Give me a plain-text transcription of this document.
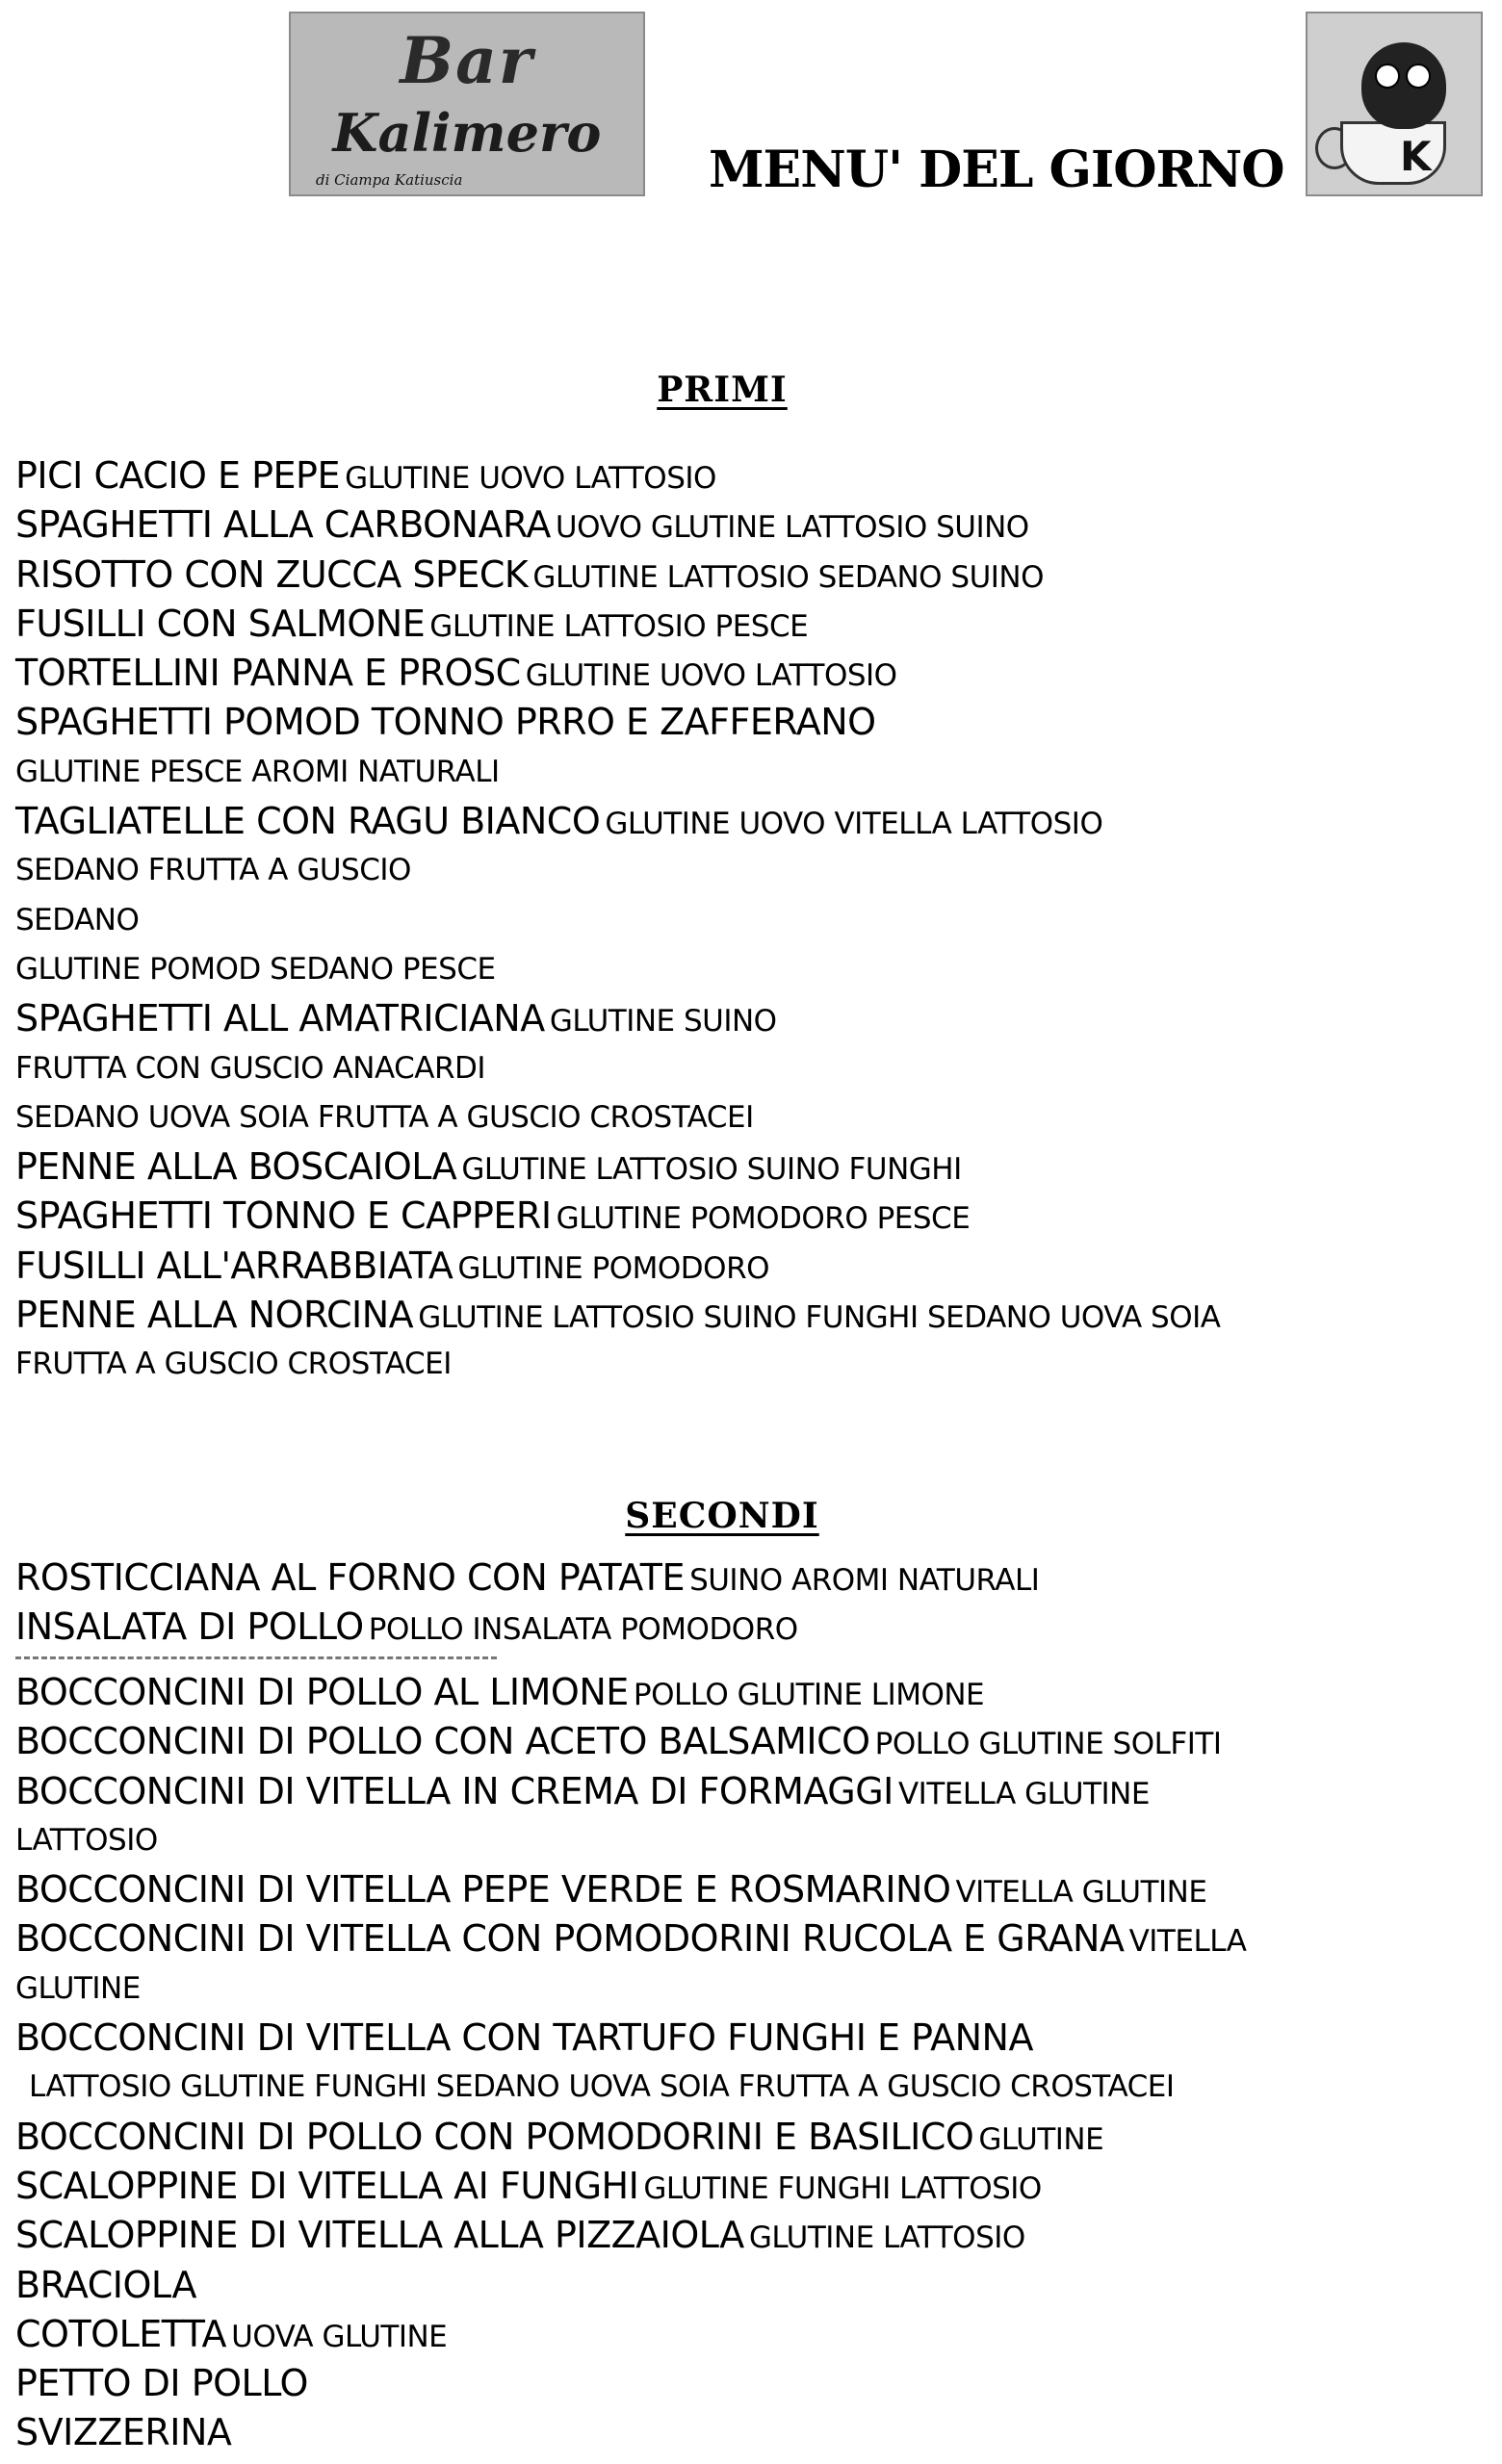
Bar
Kalimero
di Ciampa Katiuscia	MENU' DEL GIORNO	K
PRIMI
PICI CACIO E PEPE GLUTINE UOVO LATTOSIO
SPAGHETTI ALLA CARBONARA UOVO GLUTINE LATTOSIO SUINO
RISOTTO CON ZUCCA SPECK GLUTINE LATTOSIO SEDANO SUINO
FUSILLI CON SALMONE GLUTINE LATTOSIO PESCE
TORTELLINI PANNA E PROSC GLUTINE UOVO LATTOSIO
SPAGHETTI POMOD TONNO PRRO E ZAFFERANO
GLUTINE PESCE AROMI NATURALI
TAGLIATELLE CON RAGU BIANCO GLUTINE UOVO VITELLA LATTOSIO
SEDANO FRUTTA A GUSCIO
SEDANO
GLUTINE POMOD SEDANO PESCE
SPAGHETTI ALL AMATRICIANA GLUTINE SUINO
FRUTTA CON GUSCIO ANACARDI
SEDANO UOVA SOIA FRUTTA A GUSCIO CROSTACEI
PENNE ALLA BOSCAIOLA GLUTINE LATTOSIO SUINO FUNGHI
SPAGHETTI TONNO E CAPPERI GLUTINE POMODORO PESCE
FUSILLI ALL'ARRABBIATA GLUTINE POMODORO
PENNE ALLA NORCINA GLUTINE LATTOSIO SUINO FUNGHI SEDANO UOVA SOIA
FRUTTA A GUSCIO CROSTACEI
SECONDI
ROSTICCIANA AL FORNO CON PATATE SUINO AROMI NATURALI
INSALATA DI POLLO POLLO INSALATA POMODORO
BOCCONCINI DI POLLO AL LIMONE POLLO GLUTINE LIMONE
BOCCONCINI DI POLLO CON ACETO BALSAMICO POLLO GLUTINE SOLFITI
BOCCONCINI DI VITELLA IN CREMA DI FORMAGGI VITELLA GLUTINE
LATTOSIO
BOCCONCINI DI VITELLA PEPE VERDE E ROSMARINO VITELLA GLUTINE
BOCCONCINI DI VITELLA CON POMODORINI RUCOLA E GRANA VITELLA
GLUTINE
BOCCONCINI DI VITELLA CON TARTUFO FUNGHI E PANNA
LATTOSIO GLUTINE FUNGHI SEDANO UOVA SOIA FRUTTA A GUSCIO CROSTACEI
BOCCONCINI DI POLLO CON POMODORINI E BASILICO GLUTINE
SCALOPPINE DI VITELLA AI FUNGHI GLUTINE FUNGHI LATTOSIO
SCALOPPINE DI VITELLA ALLA PIZZAIOLA GLUTINE LATTOSIO
BRACIOLA
COTOLETTA UOVA GLUTINE
PETTO DI POLLO
SVIZZERINA
